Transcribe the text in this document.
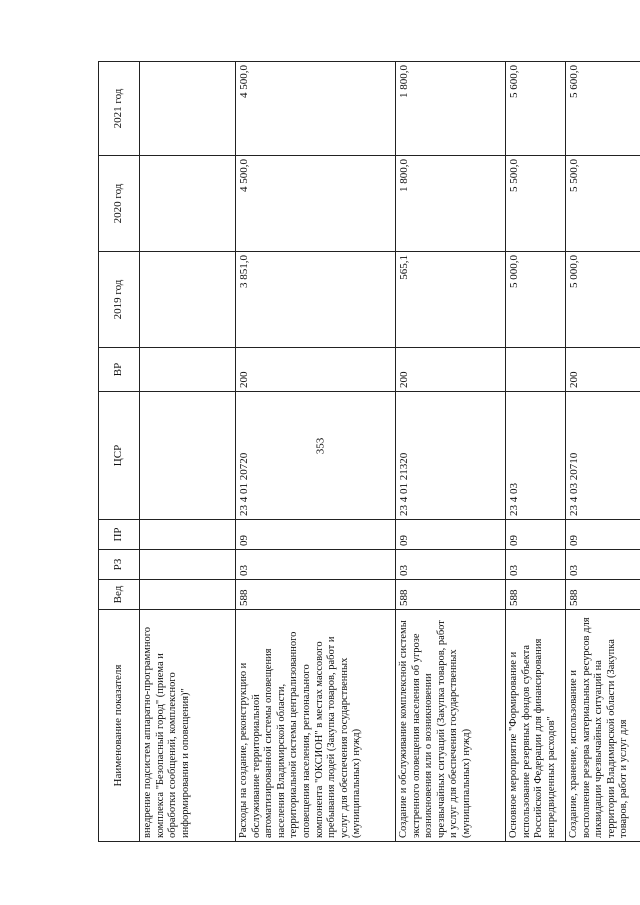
353
Наименование показателя	Вед	РЗ	ПР	ЦСР	ВР	2019 год	2020 год	2021 год
внедрение подсистем аппаратно-программного комплекса "Безопасный город" (приема и обработки сообщений, комплексного информирования и оповещения)"								
Расходы на создание, реконструкцию и обслуживание территориальной автоматизированной системы оповещения населения Владимирской области, территориальной системы централизованного оповещения населения, регионального компонента "ОКСИОН" в местах массового пребывания людей (Закупка товаров, работ и услуг для обеспечения государственных (муниципальных) нужд)	588	03	09	23 4 01 20720	200	3 851,0	4 500,0	4 500,0
Создание и обслуживание комплексной системы экстренного оповещения населения об угрозе возникновения или о возникновении чрезвычайных ситуаций (Закупка товаров, работ и услуг для обеспечения государственных (муниципальных) нужд)	588	03	09	23 4 01 21320	200	565,1	1 800,0	1 800,0
Основное мероприятие "Формирование и использование резервных фондов субъекта Российской Федерации для финансирования непредвиденных расходов"	588	03	09	23 4 03		5 000,0	5 500,0	5 600,0
Создание, хранение, использование и восполнение резерва материальных ресурсов для ликвидации чрезвычайных ситуаций на территории Владимирской области (Закупка товаров, работ и услуг для	588	03	09	23 4 03 20710	200	5 000,0	5 500,0	5 600,0
